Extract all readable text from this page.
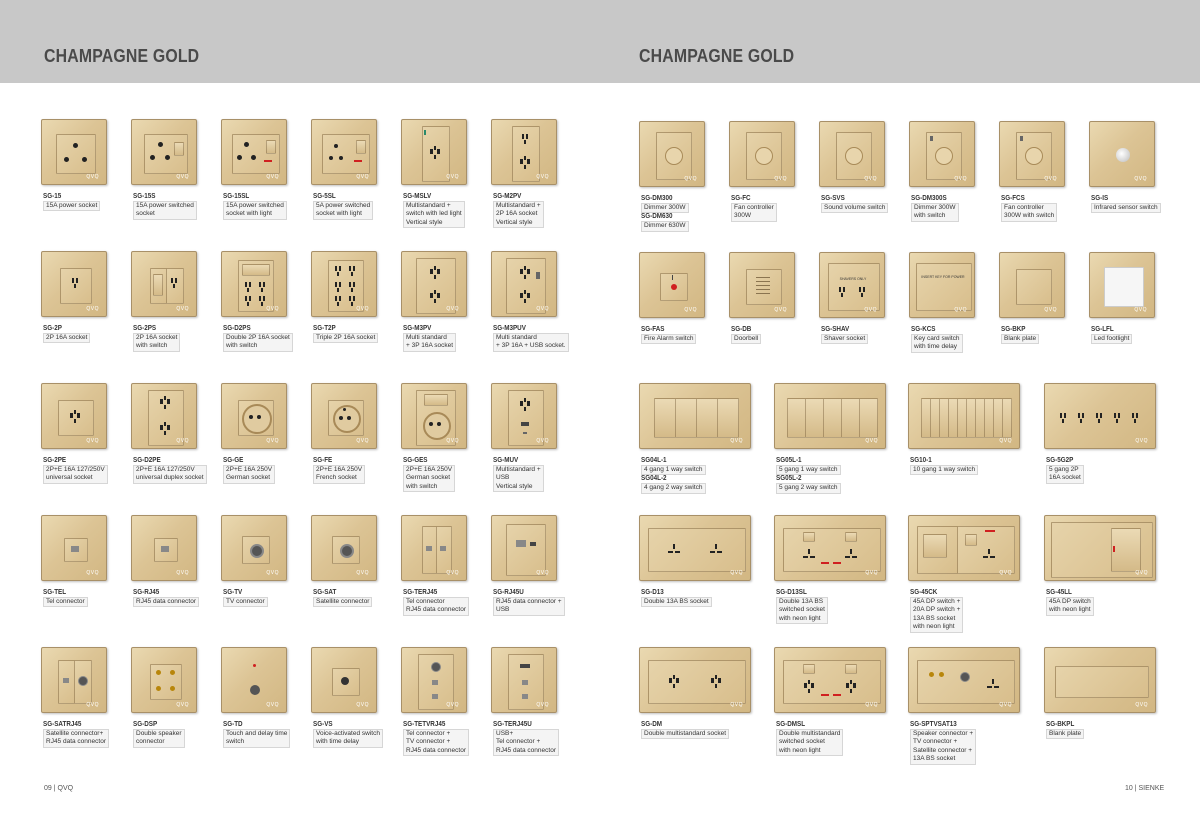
CHAMPAGNE GOLD	CHAMPAGNE GOLD
09 | QVQ	10 | SIENKE
QVQ
SG-15
15A power socket
QVQ
SG-15S
15A power switched
socket
QVQ
SG-15SL
15A power switched
socket with light
QVQ
SG-5SL
5A power switched
socket with light
QVQ
SG-MSLV
Multistandard +
switch with led light
Vertical style
QVQ
SG-M2PV
Multistandard +
2P 16A socket
Vertical style
QVQ
SG-2P
2P 16A socket
QVQ
SG-2PS
2P 16A socket
with switch
QVQ
SG-D2PS
Double 2P 16A socket
with switch
QVQ
SG-T2P
Triple 2P 16A socket
QVQ
SG-M3PV
Multi standard
+ 3P 16A socket
QVQ
SG-M3PUV
Multi standard
+ 3P 16A + USB socket.
QVQ
SG-2PE
2P+E 16A 127/250V
universal socket
QVQ
SG-D2PE
2P+E 16A 127/250V
universal duplex socket
QVQ
SG-GE
2P+E 16A 250V
German socket
QVQ
SG-FE
2P+E 16A 250V
French socket
QVQ
SG-GES
2P+E 16A 250V
German socket
with switch
QVQ
SG-MUV
Multistandard +
USB
Vertical style
QVQ
SG-TEL
Tel connector
QVQ
SG-RJ45
RJ45 data connector
QVQ
SG-TV
TV connector
QVQ
SG-SAT
Satellite connector
QVQ
SG-TERJ45
Tel connector
RJ45 data connector
QVQ
SG-RJ45U
RJ45 data connector +
USB
QVQ
SG-SATRJ45
Satellite connector+
RJ45 data connector
QVQ
SG-DSP
Double speaker
connector
QVQ
SG-TD
Touch and delay time
switch
QVQ
SG-VS
Voice-activated switch
with time delay
QVQ
SG-TETVRJ45
Tel connector +
TV connector +
RJ45 data connector
QVQ
SG-TERJ45U
USB+
Tel connector +
RJ45 data connector
QVQ
SG-DM300
Dimmer 300W
SG-DM630
Dimmer 630W
QVQ
SG-FC
Fan controller
300W
QVQ
SG-SVS
Sound volume switch
QVQ
SG-DM300S
Dimmer 300W
with switch
QVQ
SG-FCS
Fan controller
300W with switch
QVQ
SG-IS
Infrared sensor switch
QVQ
SG-FAS
Fire Alarm switch
QVQ
SG-DB
Doorbell
SHAVERS ONLY
QVQ
SG-SHAV
Shaver socket
INSERT KEY FOR POWER
QVQ
SG-KCS
Key card switch
with time delay
QVQ
SG-BKP
Blank plate
QVQ
SG-LFL
Led footlight
QVQ
SG04L-1
4 gang 1 way switch
SG04L-2
4 gang 2 way switch
QVQ
SG05L-1
5 gang 1 way switch
SG05L-2
5 gang 2 way switch
QVQ
SG10-1
10 gang 1 way switch
QVQ
SG-5G2P
5 gang 2P
16A socket
QVQ
SG-D13
Double 13A BS socket
QVQ
SG-D13SL
Double 13A BS
switched socket
with neon light
QVQ
SG-45CK
45A DP switch +
20A DP switch +
13A BS socket
with neon light
QVQ
SG-45LL
45A DP switch
with neon light
QVQ
SG-DM
Double multistandard socket
QVQ
SG-DMSL
Double multistandard
switched socket
with neon light
QVQ
SG-SPTVSAT13
Speaker connector +
TV connector +
Satellite connector +
13A BS socket
QVQ
SG-BKPL
Blank plate
